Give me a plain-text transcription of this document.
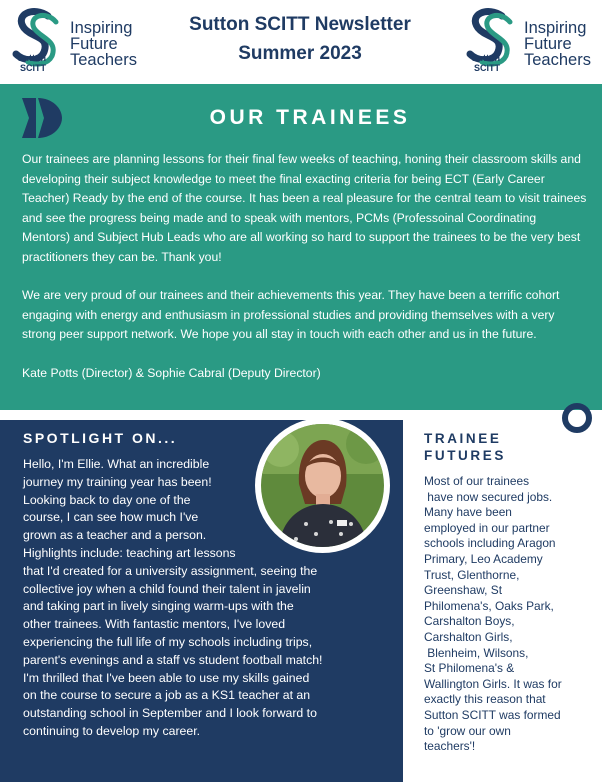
Sutton
SCITT
Inspiring
Future
Teachers
Sutton SCITT Newsletter
Summer 2023	Sutton
SCITT
Inspiring
Future
Teachers
OUR TRAINEES

Our trainees are planning lessons for their final few weeks of teaching, honing their classroom skills and developing their subject knowledge to meet the final exacting criteria for being ECT (Early Career Teacher) Ready by the end of the course. It has been a real pleasure for the central team to visit trainees and see the progress being made and to speak with mentors, PCMs (Professoinal Coordinating Mentors) and Subject Hub Leads who are all working so hard to support the trainees to be the very best practitioners they can be. Thank you!

We are very proud of our trainees and their achievements this year. They have been a terrific cohort engaging with energy and enthusiasm in professional studies and providing themselves with a very strong peer support network. We hope you all stay in touch with each other and us in the future.

Kate Potts (Director) & Sophie Cabral (Deputy Director)

SPOTLIGHT ON...
Hello, I'm Ellie. What an incredible
journey my training year has been!
Looking back to day one of the
course, I can see how much I've
grown as a teacher and a person.
Highlights include: teaching art lessons
that I'd created for a university assignment, seeing the
collective joy when a child found their talent in javelin
and taking part in lively singing warm-ups with the
other trainees. With fantastic mentors, I've loved
experiencing the full life of my schools including trips,
parent's evenings and a staff vs student football match!
I'm thrilled that I've been able to use my skills gained
on the course to secure a job as a KS1 teacher at an
outstanding school in September and I look forward to
continuing to develop my career.
TRAINEE
FUTURES
Most of our trainees
have now secured jobs.
Many have been
employed in our partner
schools including Aragon
Primary, Leo Academy
Trust, Glenthorne,
Greenshaw, St
Philomena's, Oaks Park,
Carshalton Boys,
Carshalton Girls,
Blenheim, Wilsons,
St Philomena's &
Wallington Girls. It was for
exactly this reason that
Sutton SCITT was formed
to 'grow our own
teachers'!
